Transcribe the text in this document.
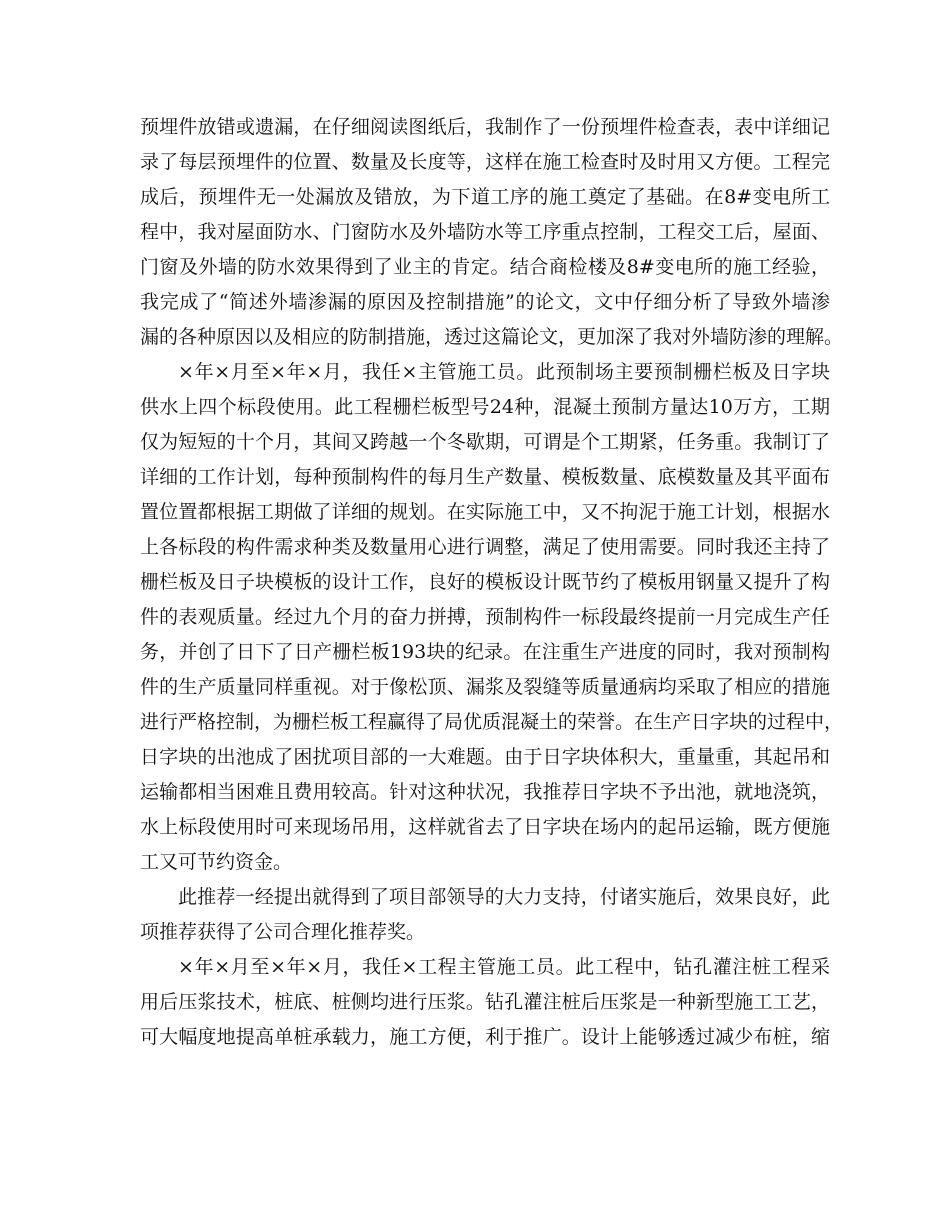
预埋件放错或遗漏，在仔细阅读图纸后，我制作了一份预埋件检查表，表中详细记
录了每层预埋件的位置、数量及长度等，这样在施工检查时及时用又方便。工程完
成后，预埋件无一处漏放及错放，为下道工序的施工奠定了基础。在8#变电所工
程中，我对屋面防水、门窗防水及外墙防水等工序重点控制，工程交工后，屋面、
门窗及外墙的防水效果得到了业主的肯定。结合商检楼及8#变电所的施工经验，
我完成了“简述外墙渗漏的原因及控制措施”的论文，文中仔细分析了导致外墙渗
漏的各种原因以及相应的防制措施，透过这篇论文，更加深了我对外墙防渗的理解。
×年×月至×年×月，我任×主管施工员。此预制场主要预制栅栏板及日字块
供水上四个标段使用。此工程栅栏板型号24种，混凝土预制方量达10万方，工期
仅为短短的十个月，其间又跨越一个冬歇期，可谓是个工期紧，任务重。我制订了
详细的工作计划，每种预制构件的每月生产数量、模板数量、底模数量及其平面布
置位置都根据工期做了详细的规划。在实际施工中，又不拘泥于施工计划，根据水
上各标段的构件需求种类及数量用心进行调整，满足了使用需要。同时我还主持了
栅栏板及日子块模板的设计工作，良好的模板设计既节约了模板用钢量又提升了构
件的表观质量。经过九个月的奋力拼搏，预制构件一标段最终提前一月完成生产任
务，并创了日下了日产栅栏板193块的纪录。在注重生产进度的同时，我对预制构
件的生产质量同样重视。对于像松顶、漏浆及裂缝等质量通病均采取了相应的措施
进行严格控制，为栅栏板工程赢得了局优质混凝土的荣誉。在生产日字块的过程中，
日字块的出池成了困扰项目部的一大难题。由于日字块体积大，重量重，其起吊和
运输都相当困难且费用较高。针对这种状况，我推荐日字块不予出池，就地浇筑，
水上标段使用时可来现场吊用，这样就省去了日字块在场内的起吊运输，既方便施
工又可节约资金。
此推荐一经提出就得到了项目部领导的大力支持，付诸实施后，效果良好，此
项推荐获得了公司合理化推荐奖。
×年×月至×年×月，我任×工程主管施工员。此工程中，钻孔灌注桩工程采
用后压浆技术，桩底、桩侧均进行压浆。钻孔灌注桩后压浆是一种新型施工工艺，
可大幅度地提高单桩承载力，施工方便，利于推广。设计上能够透过减少布桩，缩
